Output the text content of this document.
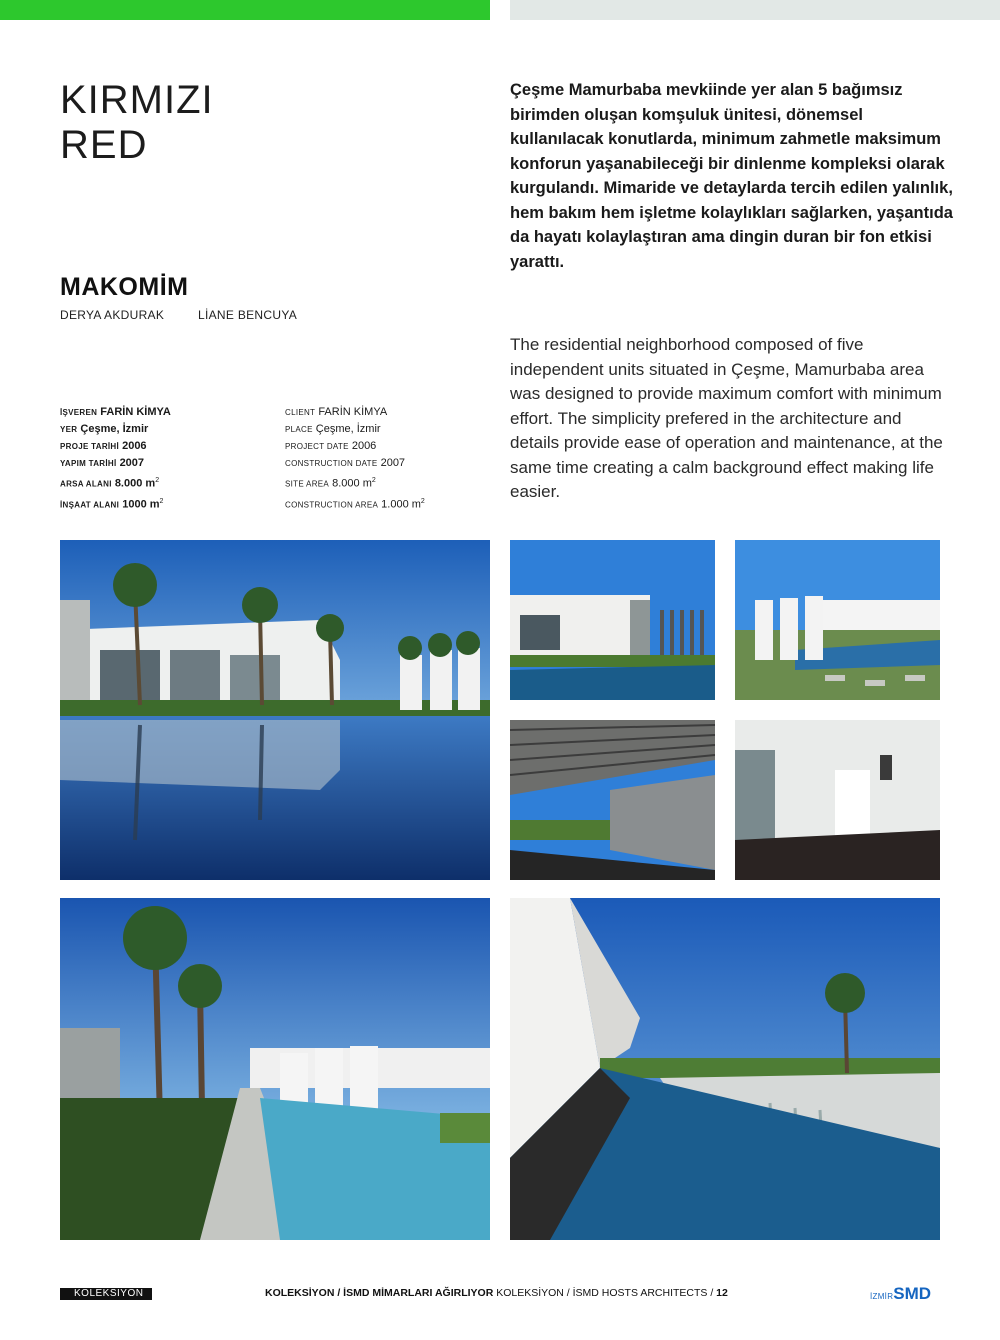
KIRMIZI
RED
MAKOMİM
DERYA AKDURAK	LİANE BENCUYA
İŞVEREN FARİN KİMYA
YER Çeşme, İzmir
PROJE TARİHİ 2006
YAPIM TARİHİ 2007
ARSA ALANI 8.000 $m^2$
İNŞAAT ALANI 1000 $m^2$
CLIENT FARİN KİMYA
PLACE Çeşme, İzmir
PROJECT DATE 2006
CONSTRUCTION DATE 2007
SITE AREA 8.000 $m^2$
CONSTRUCTION AREA 1.000 $m^2$

Çeşme Mamurbaba mevkiinde yer alan 5 bağımsız birimden oluşan komşuluk ünitesi, dönemsel kullanılacak konutlarda, minimum zahmetle maksimum konforun yaşanabileceği bir dinlenme kompleksi olarak kurgulandı. Mimaride ve detaylarda tercih edilen yalınlık, hem bakım hem işletme kolaylıkları sağlarken, yaşantıda da hayatı kolaylaştıran ama dingin duran bir fon etkisi yarattı.

The residential neighborhood composed of five independent units situated in Çeşme, Mamurbaba area was designed to provide maximum comfort with minimum effort. The simplicity prefered in the architecture and details provide ease of operation and maintenance, at the same time creating a calm background effect making life easier.

KOLEKSİYON	KOLEKSİYON / İSMD MİMARLARI AĞIRLIYOR KOLEKSİYON / İSMD HOSTS ARCHITECTS / 12	İZMİRSMD
